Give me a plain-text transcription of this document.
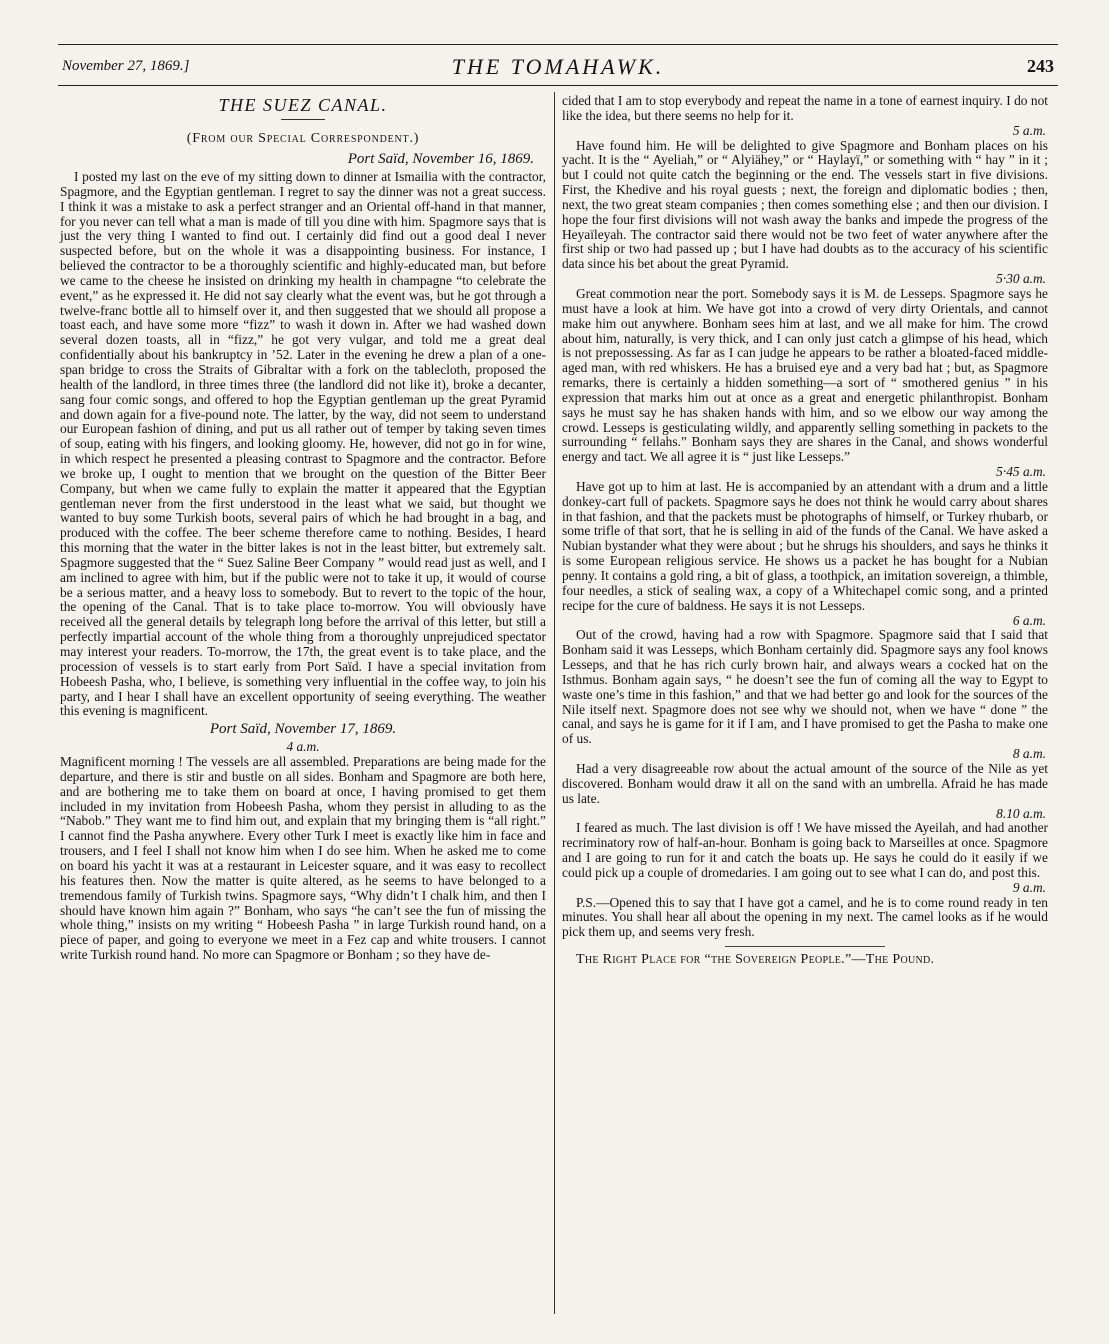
November 27, 1869.]	THE TOMAHAWK.	243
THE SUEZ CANAL.
(From our Special Correspondent.)
Port Saïd, November 16, 1869.

I posted my last on the eve of my sitting down to dinner at Ismailia with the contractor, Spagmore, and the Egyptian gentleman. I regret to say the dinner was not a great success. I think it was a mistake to ask a perfect stranger and an Oriental off-hand in that manner, for you never can tell what a man is made of till you dine with him. Spagmore says that is just the very thing I wanted to find out. I certainly did find out a good deal I never suspected before, but on the whole it was a disappointing business. For instance, I believed the contractor to be a thoroughly scientific and highly-educated man, but before we came to the cheese he insisted on drinking my health in champagne “to celebrate the event,” as he expressed it. He did not say clearly what the event was, but he got through a twelve-franc bottle all to himself over it, and then suggested that we should all propose a toast each, and have some more “fizz” to wash it down in. After we had washed down several dozen toasts, all in “fizz,” he got very vulgar, and told me a great deal confidentially about his bankruptcy in ’52. Later in the evening he drew a plan of a one-span bridge to cross the Straits of Gibraltar with a fork on the tablecloth, proposed the health of the landlord, in three times three (the landlord did not like it), broke a decanter, sang four comic songs, and offered to hop the Egyptian gentleman up the great Pyramid and down again for a five-pound note. The latter, by the way, did not seem to understand our European fashion of dining, and put us all rather out of temper by taking seven times of soup, eating with his fingers, and looking gloomy. He, however, did not go in for wine, in which respect he presented a pleasing contrast to Spagmore and the contractor. Before we broke up, I ought to mention that we brought on the question of the Bitter Beer Company, but when we came fully to explain the matter it appeared that the Egyptian gentleman never from the first understood in the least what we said, but thought we wanted to buy some Turkish boots, several pairs of which he had brought in a bag, and produced with the coffee. The beer scheme therefore came to nothing. Besides, I heard this morning that the water in the bitter lakes is not in the least bitter, but extremely salt. Spagmore suggested that the “ Suez Saline Beer Company ” would read just as well, and I am inclined to agree with him, but if the public were not to take it up, it would of course be a serious matter, and a heavy loss to somebody. But to revert to the topic of the hour, the opening of the Canal. That is to take place to-morrow. You will obviously have received all the general details by telegraph long before the arrival of this letter, but still a perfectly impartial account of the whole thing from a thoroughly unprejudiced spectator may interest your readers. To-morrow, the 17th, the great event is to take place, and the procession of vessels is to start early from Port Saïd. I have a special invitation from Hobeesh Pasha, who, I believe, is something very influential in the coffee way, to join his party, and I hear I shall have an excellent opportunity of seeing everything. The weather this evening is magnificent.

Port Saïd, November 17, 1869.
4 a.m.

Magnificent morning ! The vessels are all assembled. Preparations are being made for the departure, and there is stir and bustle on all sides. Bonham and Spagmore are both here, and are bothering me to take them on board at once, I having promised to get them included in my invitation from Hobeesh Pasha, whom they persist in alluding to as the “Nabob.” They want me to find him out, and explain that my bringing them is “all right.” I cannot find the Pasha anywhere. Every other Turk I meet is exactly like him in face and trousers, and I feel I shall not know him when I do see him. When he asked me to come on board his yacht it was at a restaurant in Leicester square, and it was easy to recollect his features then. Now the matter is quite altered, as he seems to have belonged to a tremendous family of Turkish twins. Spagmore says, “Why didn’t I chalk him, and then I should have known him again ?” Bonham, who says “he can’t see the fun of missing the whole thing,” insists on my writing “ Hobeesh Pasha ” in large Turkish round hand, on a piece of paper, and going to everyone we meet in a Fez cap and white trousers. I cannot write Turkish round hand. No more can Spagmore or Bonham ; so they have de-

cided that I am to stop everybody and repeat the name in a tone of earnest inquiry. I do not like the idea, but there seems no help for it.

5 a.m.

Have found him. He will be delighted to give Spagmore and Bonham places on his yacht. It is the “ Ayeliah,” or “ Alyiähey,” or “ Haylayï,” or something with “ hay ” in it ; but I could not quite catch the beginning or the end. The vessels start in five divisions. First, the Khedive and his royal guests ; next, the foreign and diplomatic bodies ; then, next, the two great steam companies ; then comes something else ; and then our division. I hope the four first divisions will not wash away the banks and impede the progress of the Heyaïleyah. The contractor said there would not be two feet of water anywhere after the first ship or two had passed up ; but I have had doubts as to the accuracy of his scientific data since his bet about the great Pyramid.

5·30 a.m.

Great commotion near the port. Somebody says it is M. de Lesseps. Spagmore says he must have a look at him. We have got into a crowd of very dirty Orientals, and cannot make him out anywhere. Bonham sees him at last, and we all make for him. The crowd about him, naturally, is very thick, and I can only just catch a glimpse of his head, which is not prepossessing. As far as I can judge he appears to be rather a bloated-faced middle-aged man, with red whiskers. He has a bruised eye and a very bad hat ; but, as Spagmore remarks, there is certainly a hidden something—a sort of “ smothered genius ” in his expression that marks him out at once as a great and energetic philanthropist. Bonham says he must say he has shaken hands with him, and so we elbow our way among the crowd. Lesseps is gesticulating wildly, and apparently selling something in packets to the surrounding “ fellahs.” Bonham says they are shares in the Canal, and shows wonderful energy and tact. We all agree it is “ just like Lesseps.”

5·45 a.m.

Have got up to him at last. He is accompanied by an attendant with a drum and a little donkey-cart full of packets. Spagmore says he does not think he would carry about shares in that fashion, and that the packets must be photographs of himself, or Turkey rhubarb, or some trifle of that sort, that he is selling in aid of the funds of the Canal. We have asked a Nubian bystander what they were about ; but he shrugs his shoulders, and says he thinks it is some European religious service. He shows us a packet he has bought for a Nubian penny. It contains a gold ring, a bit of glass, a toothpick, an imitation sovereign, a thimble, four needles, a stick of sealing wax, a copy of a Whitechapel comic song, and a printed recipe for the cure of baldness. He says it is not Lesseps.

6 a.m.

Out of the crowd, having had a row with Spagmore. Spagmore said that I said that Bonham said it was Lesseps, which Bonham certainly did. Spagmore says any fool knows Lesseps, and that he has rich curly brown hair, and always wears a cocked hat on the Isthmus. Bonham again says, “ he doesn’t see the fun of coming all the way to Egypt to waste one’s time in this fashion,” and that we had better go and look for the sources of the Nile itself next. Spagmore does not see why we should not, when we have “ done ” the canal, and says he is game for it if I am, and I have promised to get the Pasha to make one of us.

8 a.m.

Had a very disagreeable row about the actual amount of the source of the Nile as yet discovered. Bonham would draw it all on the sand with an umbrella. Afraid he has made us late.

8.10 a.m.

I feared as much. The last division is off ! We have missed the Ayeilah, and had another recriminatory row of half-an-hour. Bonham is going back to Marseilles at once. Spagmore and I are going to run for it and catch the boats up. He says he could do it easily if we could pick up a couple of dromedaries. I am going out to see what I can do, and post this.

9 a.m.

P.S.—Opened this to say that I have got a camel, and he is to come round ready in ten minutes. You shall hear all about the opening in my next. The camel looks as if he would pick them up, and seems very fresh.

The Right Place for “the Sovereign People.”—The Pound.
